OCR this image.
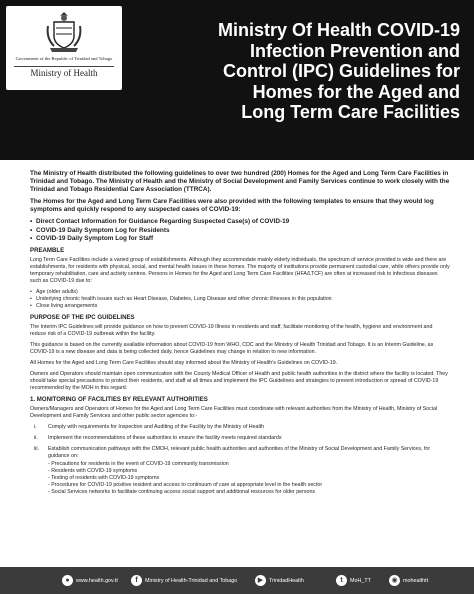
Government of the Republic of Trinidad and Tobago
Ministry of Health
Ministry Of Health COVID-19
Infection Prevention and
Control (IPC) Guidelines for
Homes for the Aged and
Long Term Care Facilities

The Ministry of Health distributed the following guidelines to over two hundred (200) Homes for the Aged and Long Term Care Facilities in Trinidad and Tobago. The Ministry of Health and the Ministry of Social Development and Family Services continue to work closely with the Trinidad and Tobago Residential Care Association (TTRCA).

The Homes for the Aged and Long Term Care Facilities were also provided with the following templates to ensure that they would log symptoms and quickly respond to any suspected cases of COVID-19:

• Direct Contact Information for Guidance Regarding Suspected Case(s) of COVID-19
• COVID-19 Daily Symptom Log for Residents
• COVID-19 Daily Symptom Log for Staff
PREAMBLE

Long Term Care Facilities include a varied group of establishments. Although they accommodate mainly elderly individuals, the spectrum of service provided is wide and there are establishments, for residents with physical, social, and mental health issues in these homes. The majority of institutions provide permanent custodial care, while others provide only temporary rehabilitation, care and activity centres. Persons in Homes for the Aged and Long Term Care Facilities (HFA/LTCF) are often at increased risk to infectious diseases such as COVID-19 due to:

• Age (older adults)
• Underlying chronic health issues such as Heart Disease, Diabetes, Lung Disease and other chronic illnesses in this population
• Close living arrangements
PURPOSE OF THE IPC GUIDELINES

The Interim IPC Guidelines will provide guidance on how to prevent COVID-19 Illness in residents and staff, facilitate monitoring of the health, hygiene and environment and reduce risk of a COVID-19 outbreak within the facility.

This guidance is based on the currently available information about COVID-19 from WHO, CDC and the Ministry of Health Trinidad and Tobago. It is an Interim Guideline, as COVID-19 is a new disease and data is being collected daily, hence Guidelines may change in relation to new information.

All Homes for the Aged and Long Term Care Facilities should stay informed about the Ministry of Health's Guidelines on COVID-19.

Owners and Operators should maintain open communication with the County Medical Officer of Health and public health authorities in the district where the facility is located. They should take special precautions to protect their residents, and staff at all times and implement the IPC Guidelines and strategies to prevent introduction or spread of COVID-19 recommended by the MOH in this regard.

1. MONITORING OF FACILITIES BY RELEVANT AUTHORITIES

Owners/Managers and Operators of Homes for the Aged and Long Term Care Facilities must coordinate with relevant authorities from the Ministry of Health, Ministry of Social Development and Family Services and other public sector agencies to:-

i.	Comply with requirements for Inspection and Auditing of the Facility by the Ministry of Health
ii.	Implement the recommendations of these authorities to ensure the facility meets required standards
iii.	Establish communication pathways with the CMOH, relevant public health authorities and authorities of the Ministry of Social Development and Family Services, for guidance on:
- Precautions for residents in the event of COVID-19 community transmission
- Residents with COVID-19 symptoms
- Testing of residents with COVID-19 symptoms
- Procedures for COVID-19 positive resident and access to continuum of care at appropriate level in the health sector
- Social Services networks to facilitate continuing access social support and additional resources for older persons
●	www.health.gov.tt	f	Ministry of Health-Trinidad and Tobago	▶	TrinidadHealth	t	MoH_TT	◉	mohealthtt
